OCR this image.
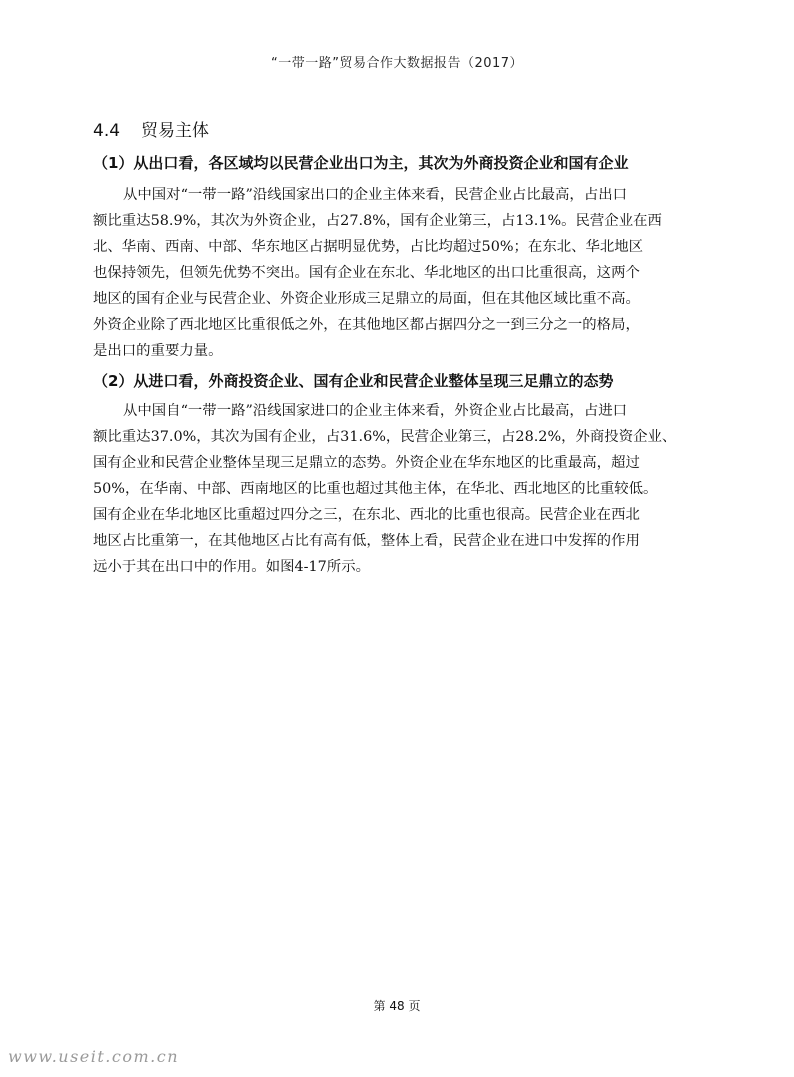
“一带一路”贸易合作大数据报告（2017）
4.4 贸易主体
（1）从出口看，各区域均以民营企业出口为主，其次为外商投资企业和国有企业
从中国对“一带一路”沿线国家出口的企业主体来看，民营企业占比最高，占出口
额比重达58.9%，其次为外资企业，占27.8%，国有企业第三，占13.1%。民营企业在西
北、华南、西南、中部、华东地区占据明显优势，占比均超过50%；在东北、华北地区
也保持领先，但领先优势不突出。国有企业在东北、华北地区的出口比重很高，这两个
地区的国有企业与民营企业、外资企业形成三足鼎立的局面，但在其他区域比重不高。
外资企业除了西北地区比重很低之外，在其他地区都占据四分之一到三分之一的格局，
是出口的重要力量。
（2）从进口看，外商投资企业、国有企业和民营企业整体呈现三足鼎立的态势
从中国自“一带一路”沿线国家进口的企业主体来看，外资企业占比最高，占进口
额比重达37.0%，其次为国有企业，占31.6%，民营企业第三，占28.2%，外商投资企业、
国有企业和民营企业整体呈现三足鼎立的态势。外资企业在华东地区的比重最高，超过
50%，在华南、中部、西南地区的比重也超过其他主体，在华北、西北地区的比重较低。
国有企业在华北地区比重超过四分之三，在东北、西北的比重也很高。民营企业在西北
地区占比重第一，在其他地区占比有高有低，整体上看，民营企业在进口中发挥的作用
远小于其在出口中的作用。如图4-17所示。
第 48 页
www.useit.com.cn
